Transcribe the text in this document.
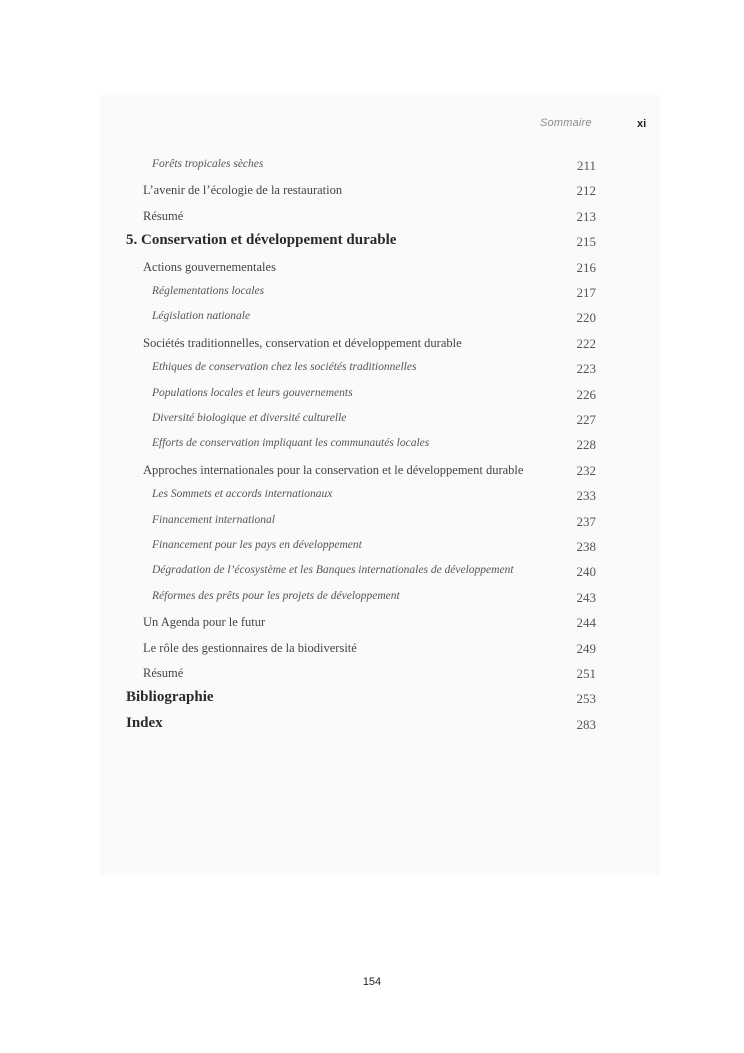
Sommaire	xi
Forêts tropicales sèches	211
L’avenir de l’écologie de la restauration	212
Résumé	213
5. Conservation et développement durable	215
Actions gouvernementales	216
Réglementations locales	217
Législation nationale	220
Sociétés traditionnelles, conservation et développement durable	222
Ethiques de conservation chez les sociétés traditionnelles	223
Populations locales et leurs gouvernements	226
Diversité biologique et diversité culturelle	227
Efforts de conservation impliquant les communautés locales	228
Approches internationales pour la conservation et le développement durable	232
Les Sommets et accords internationaux	233
Financement international	237
Financement pour les pays en développement	238
Dégradation de l’écosystème et les Banques internationales de développement	240
Réformes des prêts pour les projets de développement	243
Un Agenda pour le futur	244
Le rôle des gestionnaires de la biodiversité	249
Résumé	251
Bibliographie	253
Index	283
154
